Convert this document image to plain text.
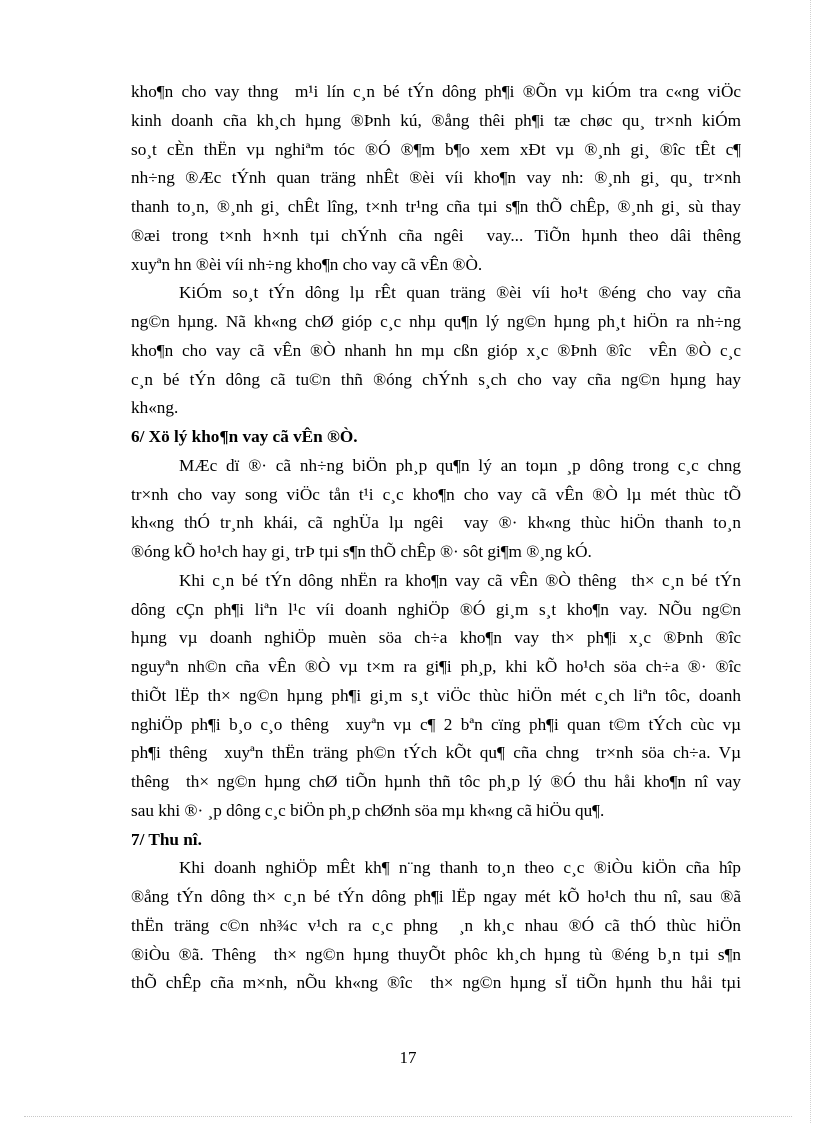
kho¶n cho vay thng  m¹i lín c¸n bé tÝn dông ph¶i ®Õn vµ kiÓm tra c«ng viÖc
kinh doanh cña kh¸ch hµng ®Þnh kú, ®ång thêi ph¶i tæ chøc qu¸ tr×nh kiÓm
so¸t cÈn thËn vµ nghiªm tóc ®Ó ®¶m b¶o xem xÐt vµ ®¸nh gi¸ ®îc tÊt c¶
nh÷ng ®Æc tÝnh quan träng nhÊt ®èi víi kho¶n vay nh: ®¸nh gi¸ qu¸ tr×nh
thanh to¸n, ®¸nh gi¸ chÊt lîng, t×nh tr¹ng cña tµi s¶n thÕ chÊp, ®¸nh gi¸ sù thay
®æi trong t×nh h×nh tµi chÝnh cña ngêi  vay... TiÕn hµnh theo dâi thêng
xuyªn hn ®èi víi nh÷ng kho¶n cho vay cã vÊn ®Ò.
KiÓm so¸t tÝn dông lµ rÊt quan träng ®èi víi ho¹t ®éng cho vay cña
ng©n hµng. Nã kh«ng chØ gióp c¸c nhµ qu¶n lý ng©n hµng ph¸t hiÖn ra nh÷ng
kho¶n cho vay cã vÊn ®Ò nhanh hn mµ cßn gióp x¸c ®Þnh ®îc  vÊn ®Ò c¸c
c¸n bé tÝn dông cã tu©n thñ ®óng chÝnh s¸ch cho vay cña ng©n hµng hay
kh«ng.
6/ Xö lý kho¶n vay cã vÊn ®Ò.
MÆc dï ®· cã nh÷ng biÖn ph¸p qu¶n lý an toµn ¸p dông trong c¸c chng
tr×nh cho vay song viÖc tån t¹i c¸c kho¶n cho vay cã vÊn ®Ò lµ mét thùc tÕ
kh«ng thÓ tr¸nh khái, cã nghÜa lµ ngêi  vay ®· kh«ng thùc hiÖn thanh to¸n
®óng kÕ ho¹ch hay gi¸ trÞ tµi s¶n thÕ chÊp ®· sôt gi¶m ®¸ng kÓ.
Khi c¸n bé tÝn dông nhËn ra kho¶n vay cã vÊn ®Ò thêng  th× c¸n bé tÝn
dông cÇn ph¶i liªn l¹c víi doanh nghiÖp ®Ó gi¸m s¸t kho¶n vay. NÕu ng©n
hµng vµ doanh nghiÖp muèn söa ch÷a kho¶n vay th× ph¶i x¸c ®Þnh ®îc
nguyªn nh©n cña vÊn ®Ò vµ t×m ra gi¶i ph¸p, khi kÕ ho¹ch söa ch÷a ®· ®îc
thiÕt lËp th× ng©n hµng ph¶i gi¸m s¸t viÖc thùc hiÖn mét c¸ch liªn tôc, doanh
nghiÖp ph¶i b¸o c¸o thêng  xuyªn vµ c¶ 2 bªn cïng ph¶i quan t©m tÝch cùc vµ
ph¶i thêng  xuyªn thËn träng ph©n tÝch kÕt qu¶ cña chng  tr×nh söa ch÷a. Vµ
thêng  th× ng©n hµng chØ tiÕn hµnh thñ tôc ph¸p lý ®Ó thu håi kho¶n nî vay
sau khi ®· ¸p dông c¸c biÖn ph¸p chØnh söa mµ kh«ng cã hiÖu qu¶.
7/ Thu nî.
Khi doanh nghiÖp mÊt kh¶ n¨ng thanh to¸n theo c¸c ®iÒu kiÖn cña hîp
®ång tÝn dông th× c¸n bé tÝn dông ph¶i lËp ngay mét kÕ ho¹ch thu nî, sau ®ã
thËn träng c©n nh¾c v¹ch ra c¸c phng  ¸n kh¸c nhau ®Ó cã thÓ thùc hiÖn
®iÒu ®ã. Thêng  th× ng©n hµng thuyÕt phôc kh¸ch hµng tù ®éng b¸n tµi s¶n
thÕ chÊp cña m×nh, nÕu kh«ng ®îc  th× ng©n hµng sÏ tiÕn hµnh thu håi tµi
17
